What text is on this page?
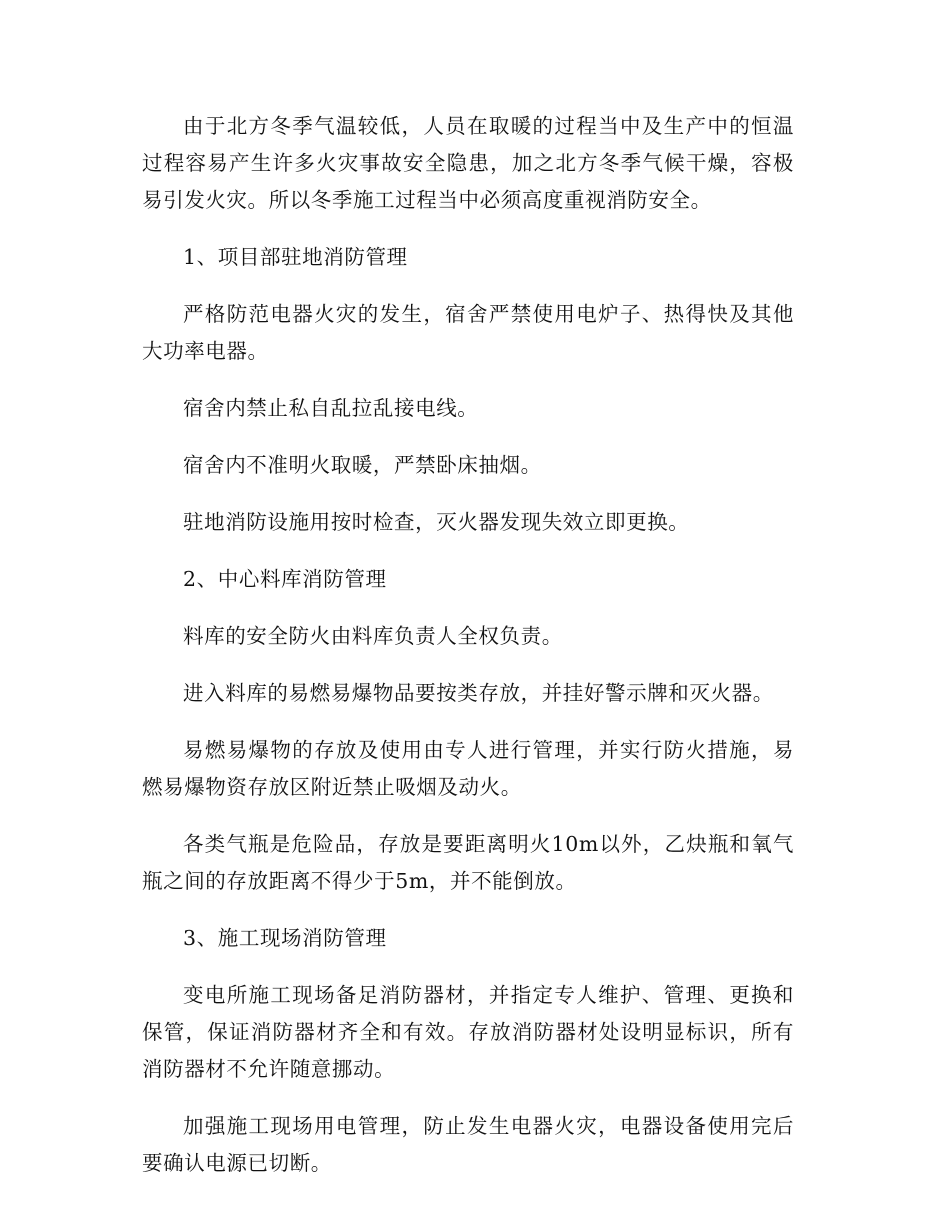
由于北方冬季气温较低，人员在取暖的过程当中及生产中的恒温过程容易产生许多火灾事故安全隐患，加之北方冬季气候干燥，容极易引发火灾。所以冬季施工过程当中必须高度重视消防安全。

1、项目部驻地消防管理

严格防范电器火灾的发生，宿舍严禁使用电炉子、热得快及其他大功率电器。

宿舍内禁止私自乱拉乱接电线。

宿舍内不准明火取暖，严禁卧床抽烟。

驻地消防设施用按时检查，灭火器发现失效立即更换。

2、中心料库消防管理

料库的安全防火由料库负责人全权负责。

进入料库的易燃易爆物品要按类存放，并挂好警示牌和灭火器。

易燃易爆物的存放及使用由专人进行管理，并实行防火措施，易燃易爆物资存放区附近禁止吸烟及动火。

各类气瓶是危险品，存放是要距离明火10m以外，乙炔瓶和氧气瓶之间的存放距离不得少于5m，并不能倒放。

3、施工现场消防管理

变电所施工现场备足消防器材，并指定专人维护、管理、更换和保管，保证消防器材齐全和有效。存放消防器材处设明显标识，所有消防器材不允许随意挪动。

加强施工现场用电管理，防止发生电器火灾，电器设备使用完后要确认电源已切断。
